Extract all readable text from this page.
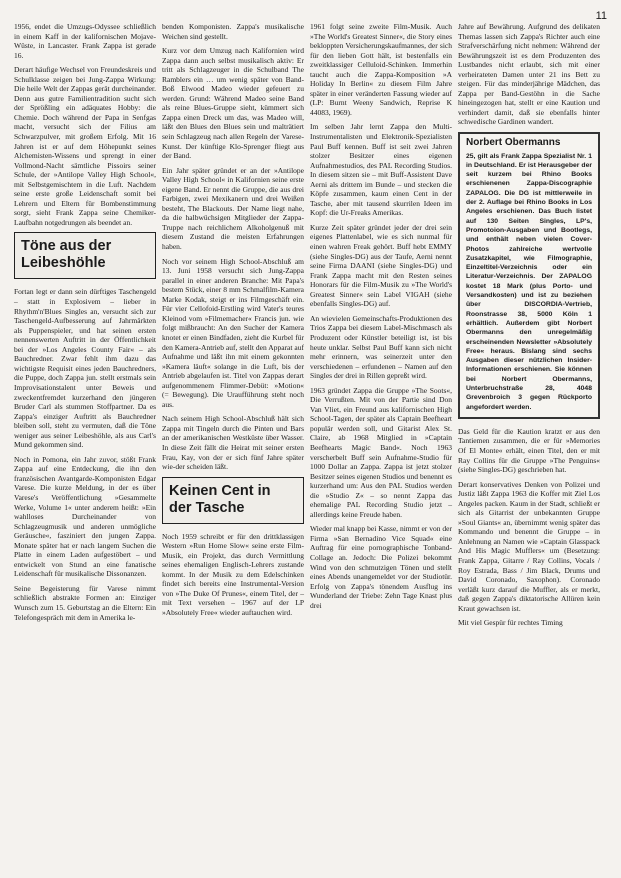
11

1956, endet die Umzugs-Odyssee schließlich in einem Kaff in der kalifornischen Mojave-Wüste, in Lancaster. Frank Zappa ist gerade 16.

Derart häufige Wechsel von Freundeskreis und Schulklasse zeigen bei Jung-Zappa Wirkung: Die heile Welt der Zappas gerät durcheinander. Denn aus gutre Familientradition sucht sich der Sprößling ein adäquates Hobby: die Chemie. Doch während der Papa in Senfgas macht, versucht sich der Filius am Schwarzpulver, mit großem Erfolg. Mit 16 Jahren ist er auf dem Höhepunkt seines Alchemisten-Wissens und sprengt in einer Vollmond-Nacht sämtliche Pissoirs seiner Schule, der »Antilope Valley High School«, mit Selbstgemischtem in die Luft. Nachdem seine erste große Leidenschaft somit bei Lehrern und Eltern für Bombenstimmung sorgt, sieht Frank Zappa seine Chemiker-Laufbahn notgedrungen als beendet an.

Töne aus der Leibeshöhle

Fortan legt er dann sein dürftiges Taschengeld – statt in Explosivem – lieber in Rhythm'n'Blues Singles an, versucht sich zur Taschengeld-Aufbesserung auf Jahrmärkten als Puppenspieler, und hat seinen ersten nennenswerten Auftritt in der Öffentlichkeit bei der »Los Angeles County Fair« – als Bauchredner. Zwar fehlt ihm dazu das wichtigste Requisit eines jeden Bauchredners, die Puppe, doch Zappa jun. stellt erstmals sein Improvisationstalent unter Beweis und zweckentfremdet kurzerhand den jüngeren Bruder Carl als stummen Stoffpartner. Da es Zappa's einziger Auftritt als Bauchredner bleiben soll, steht zu vermuten, daß die Töne weniger aus seiner Leibeshöhle, als aus Carl's Mund gekommen sind.

Noch in Pomona, ein Jahr zuvor, stößt Frank Zappa auf eine Entdeckung, die ihn den französischen Avantgarde-Komponisten Edgar Varese. Die kurze Meldung, in der es über Varese's Veröffentlichung »Gesammelte Werke, Volume 1« unter anderem heißt: »Ein wahlloses Durcheinander von Schlagzeugmusik und anderen unmögliche Geräusche«, fasziniert den jungen Zappa. Monate später hat er nach langem Suchen die Platte in einem Laden aufgestöbert – und entwickelt von Stund an eine fanatische Leidenschaft für musikalische Dissonanzen.

Seine Begeisterung für Varese nimmt schließlich abstrakte Formen an: Einziger Wunsch zum 15. Geburtstag an die Eltern: Ein Telefongespräch mit dem in Amerika le-

benden Komponisten. Zappa's musikalische Weichen sind gestellt.

Kurz vor dem Umzug nach Kalifornien wird Zappa dann auch selbst musikalisch aktiv: Er tritt als Schlagzeuger in die Schulband The Ramblers ein … um wenig später von Band-Boß Elwood Madeo wieder gefeuert zu werden. Grund: Während Madeo seine Band als reine Blues-Gruppe sieht, kümmert sich Zappa einen Dreck um das, was Madeo will, läßt den Blues den Blues sein und malträtiert sein Schlagzeug nach allen Regeln der Varese-Kunst. Der künftige Klo-Sprenger fliegt aus der Band.

Ein Jahr später gründet er an der »Antilope Valley High School« in Kalifornien seine erste eigene Band. Er nennt die Gruppe, die aus drei Farbigen, zwei Mexikanern und drei Weißen besteht, The Blackouts. Der Name liegt nahe, da die halbwüchsigen Mitglieder der Zappa-Truppe nach reichlichem Alkoholgenuß mit diesem Zustand die meisten Erfahrungen haben.

Noch vor seinem High School-Abschluß am 13. Juni 1958 versucht sich Jung-Zappa parallel in einer anderen Branche: Mit Papa's bestem Stück, einer 8 mm Schmalfilm-Kamera Marke Kodak, steigt er ins Filmgeschäft ein. Für vier Cellofoid-Erstling wird Vater's teures Kleinod vom »Filmemacher« Francis jun. wie folgt mißbraucht: An den Sucher der Kamera knotet er einen Bindfaden, zieht die Kurbel für den Kamera-Antrieb auf, stellt den Apparat auf Aufnahme und läßt ihn mit einem gekonnten »Kamera läuft« solange in die Luft, bis der Antrieb abgelaufen ist. Titel von Zappas derart aufgenommenem Flimmer-Debüt: »Motion« (= Bewegung). Die Uraufführung steht noch aus.

Nach seinem High School-Abschluß hält sich Zappa mit Tingeln durch die Pinten und Bars an der amerikanischen Westküste über Wasser. In diese Zeit fällt die Heirat mit seiner ersten Frau, Kay, von der er sich fünf Jahre später wie-der scheiden läßt.

Keinen Cent in der Tasche

Noch 1959 schreibt er für den drittklassigen Western »Run Home Slow« seine erste Film-Musik, ein Projekt, das durch Vermittlung seines ehemaligen Englisch-Lehrers zustande kommt. In der Musik zu dem Edelschinken findet sich bereits eine Instrumental-Version von »The Duke Of Prunes«, einem Titel, der – mit Text versehen – 1967 auf der LP »Absolutely Free« wieder auftauchen wird.

1961 folgt seine zweite Film-Musik. Auch »The World's Greatest Sinner«, die Story eines bekloppten Versicherungskaufmannes, der sich für den lieben Gott hält, ist bestenfalls ein zweitklassiger Celluloid-Schinken. Immerhin taucht auch die Zappa-Komposition »A Holiday In Berlin« zu diesem Film Jahre später in einer veränderten Fassung wieder auf (LP: Burnt Weeny Sandwich, Reprise K 44083, 1969).

Im selben Jahr lernt Zappa den Multi-Instrumentalisten und Elektronik-Spezialisten Paul Buff kennen. Buff ist seit zwei Jahren stolzer Besitzer eines eigenen Aufnahmestudios, des PAL Recording Studios. In diesem sitzen sie – mit Buff-Assistent Dave Aerni als drittem im Bunde – und stecken die Köpfe zusammen, kaum einen Cent in der Tasche, aber mit tausend skurrilen Ideen im Kopf: die Ur-Freaks Amerikas.

Kurze Zeit später gründet jeder der drei sein eigenes Plattenlabel, wie es sich nunmal für einen wahren Freak gehört. Buff hebt EMMY (siehe Singles-DG) aus der Taufe, Aerni nennt seine Firma DAANI (siehe Singles-DG) und Frank Zappa macht mit den Resten seines Honorars für die Film-Musik zu »The World's Greatest Sinner« sein Label VIGAH (siehe ebenfalls Singles-DG) auf.

An wievielen Gemeinschafts-Produktionen des Trios Zappa bei diesem Label-Mischmasch als Produzent oder Künstler beteiligt ist, ist bis heute unklar. Selbst Paul Buff kann sich nicht mehr erinnern, was seinerzeit unter den verschiedenen – erfundenen – Namen auf den Singles der drei in Rillen gepreßt wird.

1963 gründet Zappa die Gruppe »The Soots«, Die Verrußten. Mit von der Partie sind Don Van Vliet, ein Freund aus kalifornischen High School-Tagen, der später als Captain Beefheart populär werden soll, und Gitarist Alex St. Claire, ab 1968 Mitglied in »Captain Beefhearts Magic Band«. Noch 1963 verscherbelt Buff sein Aufnahme-Studio für 1000 Dollar an Zappa. Zappa ist jetzt stolzer Besitzer seines eigenen Studios und benennt es kurzerhand um: Aus den PAL Studios werden die »Studio Z« – so nennt Zappa das ehemalige PAL Recording Studio jetzt – allerdings keine Freude haben.

Wieder mal knapp bei Kasse, nimmt er von der Firma »San Bernadino Vice Squad« eine Auftrag für eine pornographische Tonband-Collage an. Jedoch: Die Polizei bekommt Wind von den schmutzigen Tönen und stellt eines Abends unangemeldet vor der Studiotür. Erfolg von Zappa's tönendem Ausflug ins Wunderland der Triebe: Zehn Tage Knast plus drei

Jahre auf Bewährung. Aufgrund des delikaten Themas lassen sich Zappa's Richter auch eine Strafverschärfung nicht nehmen: Während der Bewährungszeit ist es dem Produzenten des Lustbandes nicht erlaubt, sich mit einer verheirateten Damen unter 21 ins Bett zu steigen. Für das minderjährige Mädchen, das Zappa per Band-Gestöhn in die Sache hineingezogen hat, stellt er eine Kaution und verhindert damit, daß sie ebenfalls hinter schwedische Gardinen wandert.

Norbert Obermanns

25, gilt als Frank Zappa Spezialist Nr. 1 in Deutschland. Er ist Herausgeber der seit kurzem bei Rhino Books erschienenen Zappa-Discographie ZAPALOG. Die DG ist mittlerweile in der 2. Auflage bei Rhino Books in Los Angeles erschienen. Das Buch listet auf 130 Seiten Singles, LP's, Promotoion-Ausgaben und Bootlegs, und enthält neben vielen Cover-Photos zahlreiche wertvolle Zusatzkapitel, wie Filmographie, Einzeltitel-Verzeichnis oder ein Literatur-Verzeichnis. Der ZAPALOG kostet 18 Mark (plus Porto- und Versandkosten) und ist zu beziehen über DISCORDIA-Vertrieb, Roonstrasse 38, 5000 Köln 1 erhältlich. Außerdem gibt Norbert Obermanns den unregelmäßig erscheinenden Newsletter »Absolutely Free« heraus. Bislang sind sechs Ausgaben dieser nützlichen Insider-Informationen erschienen. Sie können bei Norbert Obermanns, Unterbruchstraße 28, 4048 Grevenbroich 3 gegen Rückporto angefordert werden.

Das Geld für die Kaution kratzt er aus den Tantiemen zusammen, die er für »Memories Of El Monte« erhält, einen Titel, den er mit Ray Collins für die Gruppe »The Penguins« (siehe Singles-DG) geschrieben hat.

Derart konservatives Denken von Polizei und Justiz läßt Zappa 1963 die Koffer mit Ziel Los Angeles packen. Kaum in der Stadt, schließt er sich als Gitarrist der unbekannten Gruppe »Soul Giants« an, übernimmt wenig später das Kommando und benennt die Gruppe – in Anlehnung an Namen wie »Captain Glasspack And His Magic Mufflers« um (Besetzung: Frank Zappa, Gitarre / Ray Collins, Vocals / Roy Estrada, Bass / Jim Black, Drums und David Coronado, Saxophon). Coronado verläßt kurz darauf die Muffler, als er merkt, daß gegen Zappa's diktatorische Allüren kein Kraut gewachsen ist.

Mit viel Gespür für rechtes Timing
